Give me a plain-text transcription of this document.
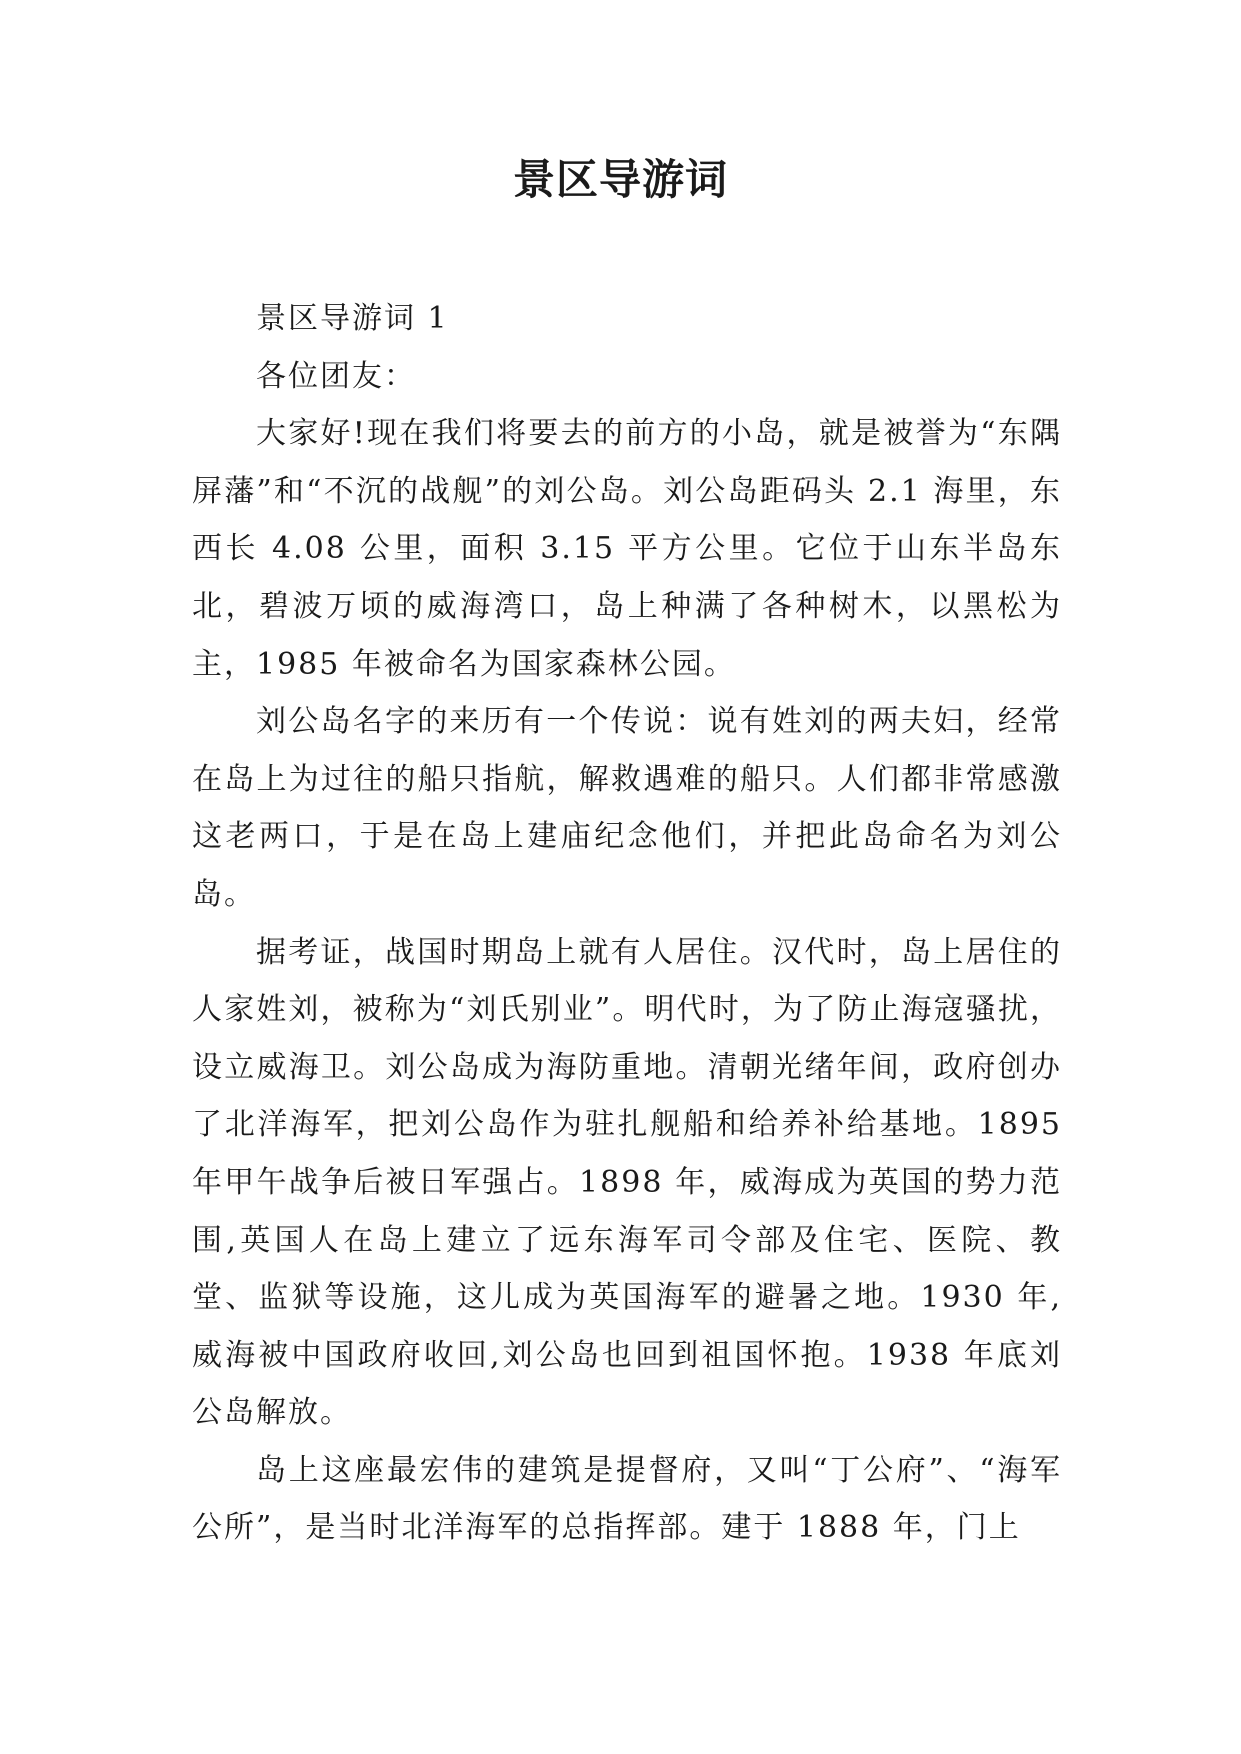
景区导游词

景区导游词 1

各位团友：

大家好!现在我们将要去的前方的小岛，就是被誉为“东隅屏藩”和“不沉的战舰”的刘公岛。刘公岛距码头 2.1 海里，东西长 4.08 公里，面积 3.15 平方公里。它位于山东半岛东北，碧波万顷的威海湾口，岛上种满了各种树木，以黑松为主，1985 年被命名为国家森林公园。

刘公岛名字的来历有一个传说：说有姓刘的两夫妇，经常在岛上为过往的船只指航，解救遇难的船只。人们都非常感激这老两口，于是在岛上建庙纪念他们，并把此岛命名为刘公岛。

据考证，战国时期岛上就有人居住。汉代时，岛上居住的人家姓刘，被称为“刘氏别业”。明代时，为了防止海寇骚扰，设立威海卫。刘公岛成为海防重地。清朝光绪年间，政府创办了北洋海军，把刘公岛作为驻扎舰船和给养补给基地。1895 年甲午战争后被日军强占。1898 年，威海成为英国的势力范围,英国人在岛上建立了远东海军司令部及住宅、医院、教堂、监狱等设施，这儿成为英国海军的避暑之地。1930 年,威海被中国政府收回,刘公岛也回到祖国怀抱。1938 年底刘公岛解放。

岛上这座最宏伟的建筑是提督府，又叫“丁公府”、“海军公所”，是当时北洋海军的总指挥部。建于 1888 年，门上
